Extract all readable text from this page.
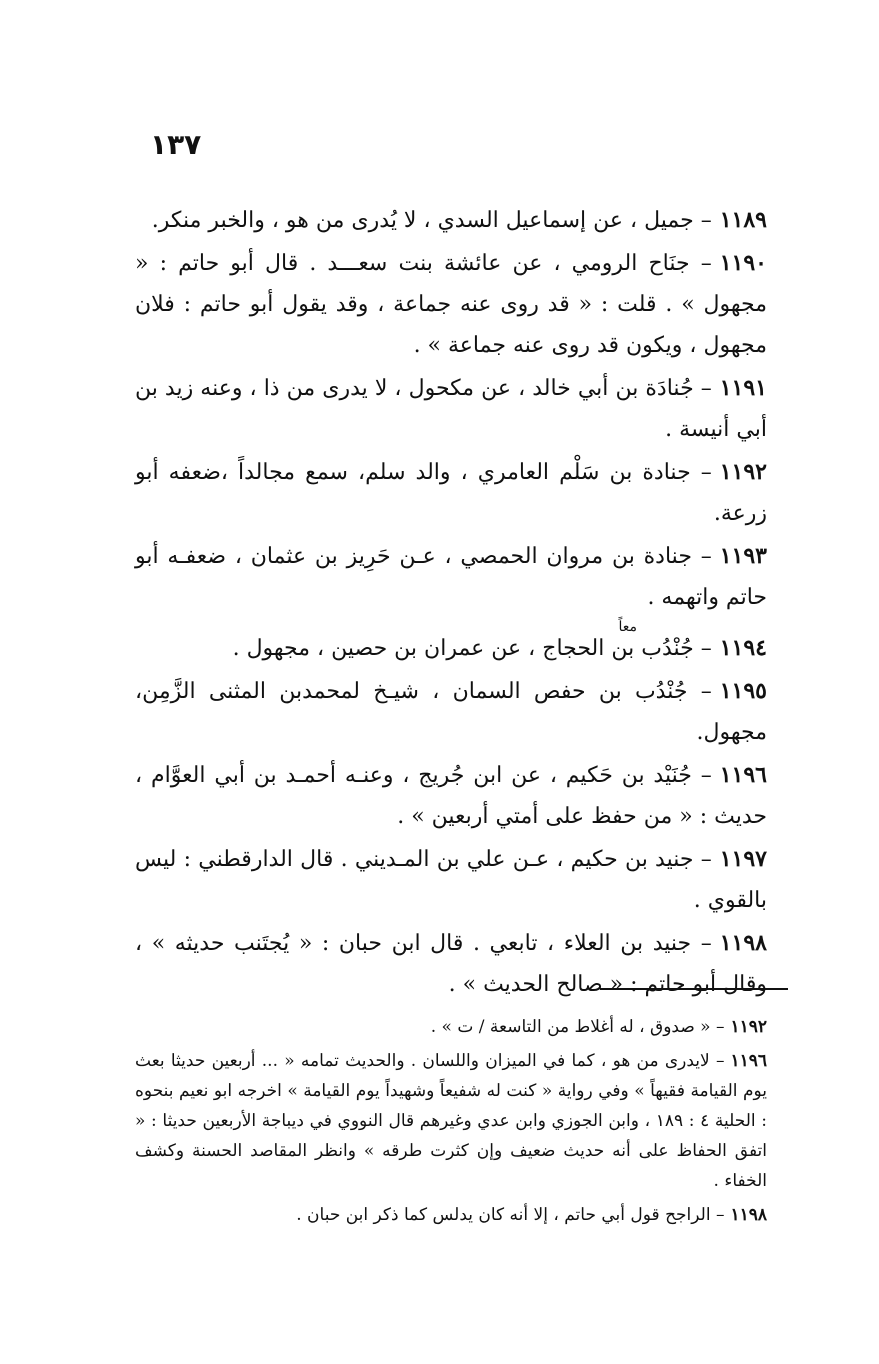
١٣٧

١١٨٩– جميل ، عن إسماعيل السدي ، لا يُدرى من هو ، والخبر منكر.

١١٩٠– جنَاح الرومي ، عن عائشة بنت سعـــد . قال أبو حاتم : « مجهول » . قلت : « قد روى عنه جماعة ، وقد يقول أبو حاتم : فلان مجهول ، ويكون قد روى عنه جماعة » .

١١٩١– جُنادَة بن أبي خالد ، عن مكحول ، لا يدرى من ذا ، وعنه زيد بن أبي أنيسة .

١١٩٢– جنادة بن سَلْم العامري ، والد سلم، سمع مجالداً ،ضعفه أبو زرعة.

١١٩٣– جنادة بن مروان الحمصي ، عـن حَرِيز بن عثمان ، ضعفـه أبو حاتم واتهمه .

معاً

١١٩٤– جُنْدُب بن الحجاج ، عن عمران بن حصين ، مجهول .

١١٩٥– جُنْدُب بن حفص السمان ، شيـخ لمحمدبن المثنى الزَّمِن، مجهول.

١١٩٦– جُنَيْد بن حَكيم ، عن ابن جُريج ، وعنـه أحمـد بن أبي العوَّام ، حديث : « من حفظ على أمتي أربعين » .

١١٩٧– جنيد بن حكيم ، عـن علي بن المـديني . قال الدارقطني : ليس بالقوي .

١١٩٨– جنيد بن العلاء ، تابعي . قال ابن حبان : « يُجتَنب حديثه » ، وقال أبو حاتم : « صالح الحديث » .

١١٩٢– « صدوق ، له أغلاط من التاسعة / ت » .

١١٩٦– لايدرى من هو ، كما في الميزان واللسان . والحديث تمامه « ... أربعين حديثا بعث يوم القيامة فقيهاً » وفي رواية « كنت له شفيعاً وشهيداً يوم القيامة » اخرجه ابو نعيم بنحوه : الحلية ٤ : ١٨٩ ، وابن الجوزي وابن عدي وغيرهم قال النووي في ديباجة الأربعين حديثا : « اتفق الحفاظ على أنه حديث ضعيف وإن كثرت طرقه » وانظر المقاصد الحسنة وكشف الخفاء .

١١٩٨– الراجح قول أبي حاتم ، إلا أنه كان يدلس كما ذكر ابن حبان .
